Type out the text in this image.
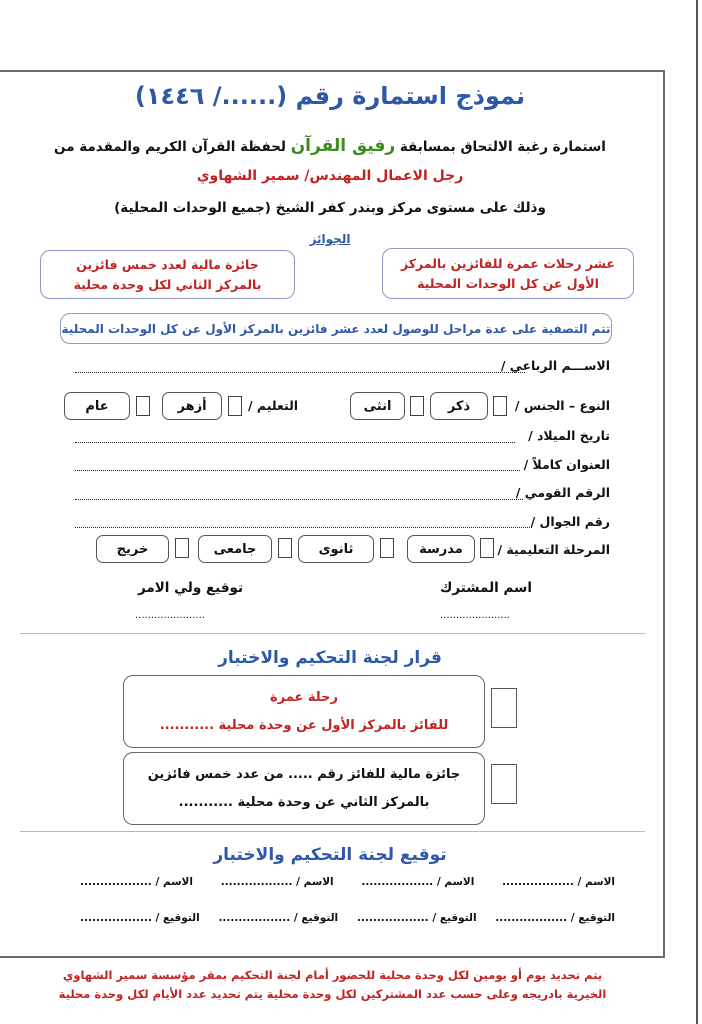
نموذج استمارة رقم (....../ ١٤٤٦)
استمارة رغبة الالتحاق بمسابقة رفيق القرآن لحفظة القرآن الكريم والمقدمة من
رجل الاعمال المهندس/ سمير الشهاوي
وذلك على مستوى مركز وبندر كفر الشيخ (جميع الوحدات المحلية)
الجوائز
عشر رحلات عمرة للفائزين بالمركز الأول عن كل الوحدات المحلية
جائزة مالية لعدد خمس فائزين بالمركز الثاني لكل وحدة محلية
تتم التصفية على عدة مراحل للوصول لعدد عشر فائزين بالمركز الأول عن كل الوحدات المحلية
الاســـم الرباعي /
النوع – الجنس /
ذكر
انثى
التعليم /
أزهر
عام
تاريخ الميلاد /
العنوان كاملاً /
الرقم القومي /
رقم الجوال /
المرحلة التعليمية /
مدرسة
ثانوى
جامعى
خريج
اسم المشترك
توقيع ولي الامر
......................
......................
قرار لجنة التحكيم والاختبار
رحلة عمرة
للفائز بالمركز الأول عن وحدة محلية ...........
جائزة مالية للفائز رقم ..... من عدد خمس فائزين
بالمركز الثاني عن وحدة محلية ...........
توقيع لجنة التحكيم والاختبار
الاسم / ..................
الاسم / ..................
الاسم / ..................
الاسم / ..................
التوقيع / ..................
التوقيع / ..................
التوقيع / ..................
التوقيع / ..................
يتم تحديد يوم أو يومين لكل وحدة محلية للحضور أمام لجنة التحكيم بمقر مؤسسة سمير الشهاوي
الخيرية بادريجه وعلى حسب عدد المشتركين لكل وحدة محلية يتم تحديد عدد الأيام لكل وحدة محلية
